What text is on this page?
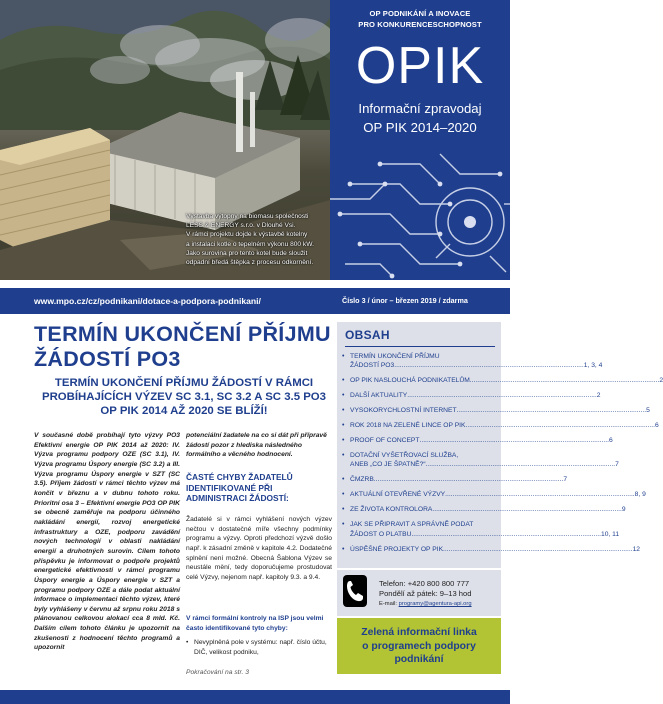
Výstavba výtopny na biomasu společnosti

LESS & ENERGY s.r.o. v Dlouhé Vsi.

V rámci projektu dojde k výstavbě kotelny

a instalaci kotle o tepelném výkonu 800 kW.

Jako surovina pro tento kotel bude sloužit

odpadní bředá štěpka z procesu odkornění.

OP PODNIKÁNÍ A INOVACE
PRO KONKURENCESCHOPNOST
OPIK
Informační zpravodaj
OP PIK 2014–2020
www.mpo.cz/cz/podnikani/dotace-a-podpora-podnikani/	Číslo 3 / únor – březen 2019 / zdarma
TERMÍN UKONČENÍ PŘÍJMU
ŽÁDOSTÍ PO3
TERMÍN UKONČENÍ PŘÍJMU ŽÁDOSTÍ V RÁMCI
PROBÍHAJÍCÍCH VÝZEV SC 3.1, SC 3.2 A SC 3.5 PO3
OP PIK 2014 AŽ 2020 SE BLÍŽÍ!
V současné době probíhají tyto výzvy PO3 Efektivní energie OP PIK 2014 až 2020: IV. Výzva programu podpory OZE (SC 3.1), IV. Výzva programu Úspory energie (SC 3.2) a III. Výzva programu Úspory energie v SZT (SC 3.5). Příjem žádostí v rámci těchto výzev má končit v březnu a v dubnu tohoto roku. Prioritní osa 3 – Efektivní energie PO3 OP PIK se obecně zaměřuje na podporu účinného nakládání energií, rozvoj energetické infrastruktury a OZE, podporu zavádění nových technologií v oblasti nakládání energií a druhotných surovin. Cílem tohoto příspěvku je informovat o podpoře projektů energetické efektivnosti v rámci programu Úspory energie a Úspory energie v SZT a programu podpory OZE a dále podat aktuální informace o implementaci těchto výzev, které byly vyhlášeny v červnu až srpnu roku 2018 s plánovanou celkovou alokací cca 8 mld. Kč. Dalším cílem tohoto článku je upozornit na zkušenosti z hodnocení těchto programů a upozornit
potenciální žadatele na co si dát při přípravě žádostí pozor z hlediska následného formálního a věcného hodnocení.
ČASTÉ CHYBY ŽADATELŮ IDENTIFIKOVANÉ PŘI ADMINISTRACI ŽÁDOSTÍ:
Žadatelé si v rámci vyhlášení nových výzev nečtou v dostatečné míře všechny podmínky programu a výzvy. Oproti předchozí výzvě došlo např. k zásadní změně v kapitole 4.2. Dodatečné splnění není možné. Obecná Šablona Výzev se neustále mění, tedy doporučujeme prostudovat celé Výzvy, nejenom např. kapitoly 9.3. a 9.4.
V rámci formální kontroly na ISP jsou velmi často identifikované tyto chyby:
• Nevyplněná pole v systému: např. číslo účtu, DIČ, velikost podniku,
Pokračování na str. 3
OBSAH
• TERMÍN UKONČENÍ PŘÍJMU
ŽÁDOSTÍ PO3 .....	1, 3, 4
• OP PIK NASLOUCHÁ PODNIKATELŮM .....	2
• DALŠÍ AKTUALITY .....	2
• VYSOKORYCHLOSTNÍ INTERNET .....	5
• ROK 2018 NA ZELENÉ LINCE OP PIK .....	6
• PROOF OF CONCEPT .....	6
• DOTAČNÍ VYŠETŘOVACÍ SLUŽBA,
ANEB „CO JE ŠPATNĚ?“ .....	7
• ČMZRB .....	7
• AKTUÁLNÍ OTEVŘENÉ VÝZVY .....	8, 9
• ZE ŽIVOTA KONTROLORA .....	9
• JAK SE PŘIPRAVIT A SPRÁVNĚ PODAT
ŽÁDOST O PLATBU .....	10, 11
• ÚSPĚŠNÉ PROJEKTY OP PIK .....	12
Telefon: +420 800 800 777
Pondělí až pátek: 9–13 hod
E-mail: programy@agentura-api.org
Zelená informační linka
o programech podpory
podnikání
